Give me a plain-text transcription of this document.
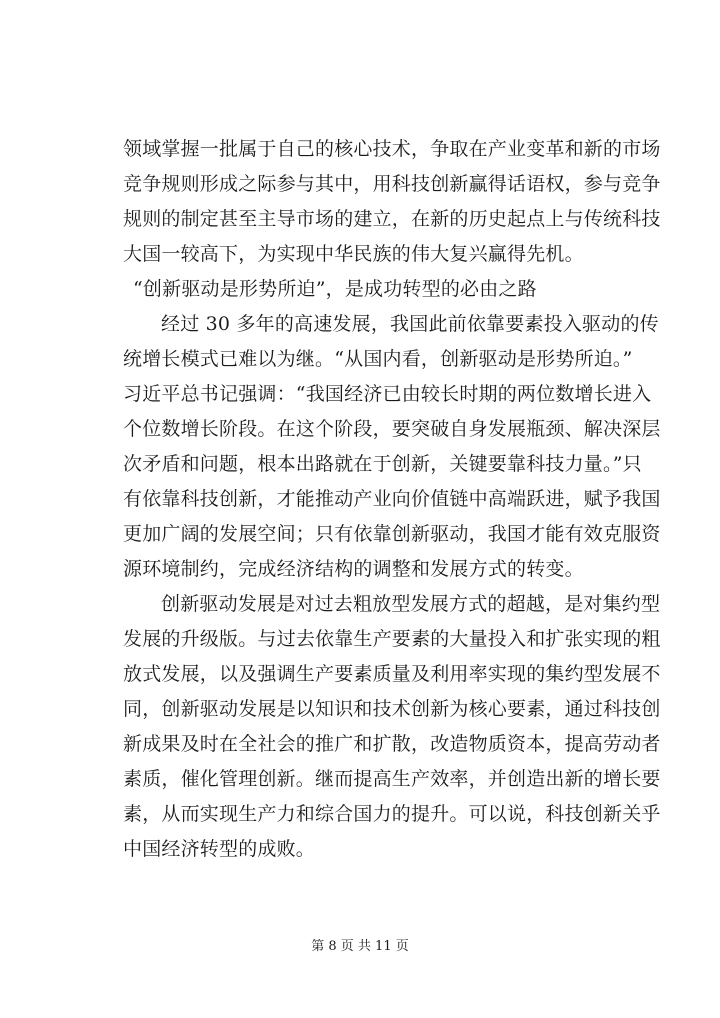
领域掌握一批属于自己的核心技术，争取在产业变革和新的市场
竞争规则形成之际参与其中，用科技创新赢得话语权，参与竞争
规则的制定甚至主导市场的建立，在新的历史起点上与传统科技
大国一较高下，为实现中华民族的伟大复兴赢得先机。
“创新驱动是形势所迫”，是成功转型的必由之路
经过 30 多年的高速发展，我国此前依靠要素投入驱动的传
统增长模式已难以为继。“从国内看，创新驱动是形势所迫。”
习近平总书记强调：“我国经济已由较长时期的两位数增长进入
个位数增长阶段。在这个阶段，要突破自身发展瓶颈、解决深层
次矛盾和问题，根本出路就在于创新，关键要靠科技力量。”只
有依靠科技创新，才能推动产业向价值链中高端跃进，赋予我国
更加广阔的发展空间；只有依靠创新驱动，我国才能有效克服资
源环境制约，完成经济结构的调整和发展方式的转变。
创新驱动发展是对过去粗放型发展方式的超越，是对集约型
发展的升级版。与过去依靠生产要素的大量投入和扩张实现的粗
放式发展，以及强调生产要素质量及利用率实现的集约型发展不
同，创新驱动发展是以知识和技术创新为核心要素，通过科技创
新成果及时在全社会的推广和扩散，改造物质资本，提高劳动者
素质，催化管理创新。继而提高生产效率，并创造出新的增长要
素，从而实现生产力和综合国力的提升。可以说，科技创新关乎
中国经济转型的成败。
第 8 页 共 11 页
